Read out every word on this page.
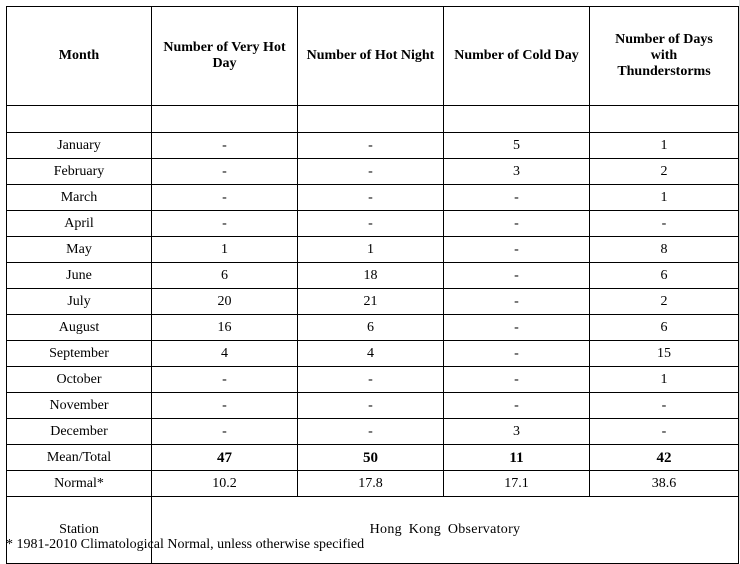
Month	Number of Very Hot Day	Number of Hot Night	Number of Cold Day	Number of Days with Thunderstorms

January	-	-	5	1
February	-	-	3	2
March	-	-	-	1
April	-	-	-	-
May	1	1	-	8
June	6	18	-	6
July	20	21	-	2
August	16	6	-	6
September	4	4	-	15
October	-	-	-	1
November	-	-	-	-
December	-	-	3	-
Mean/Total	47	50	11	42
Normal*	10.2	17.8	17.1	38.6
Station	Hong Kong Observatory			
* 1981-2010 Climatological Normal, unless otherwise specified
